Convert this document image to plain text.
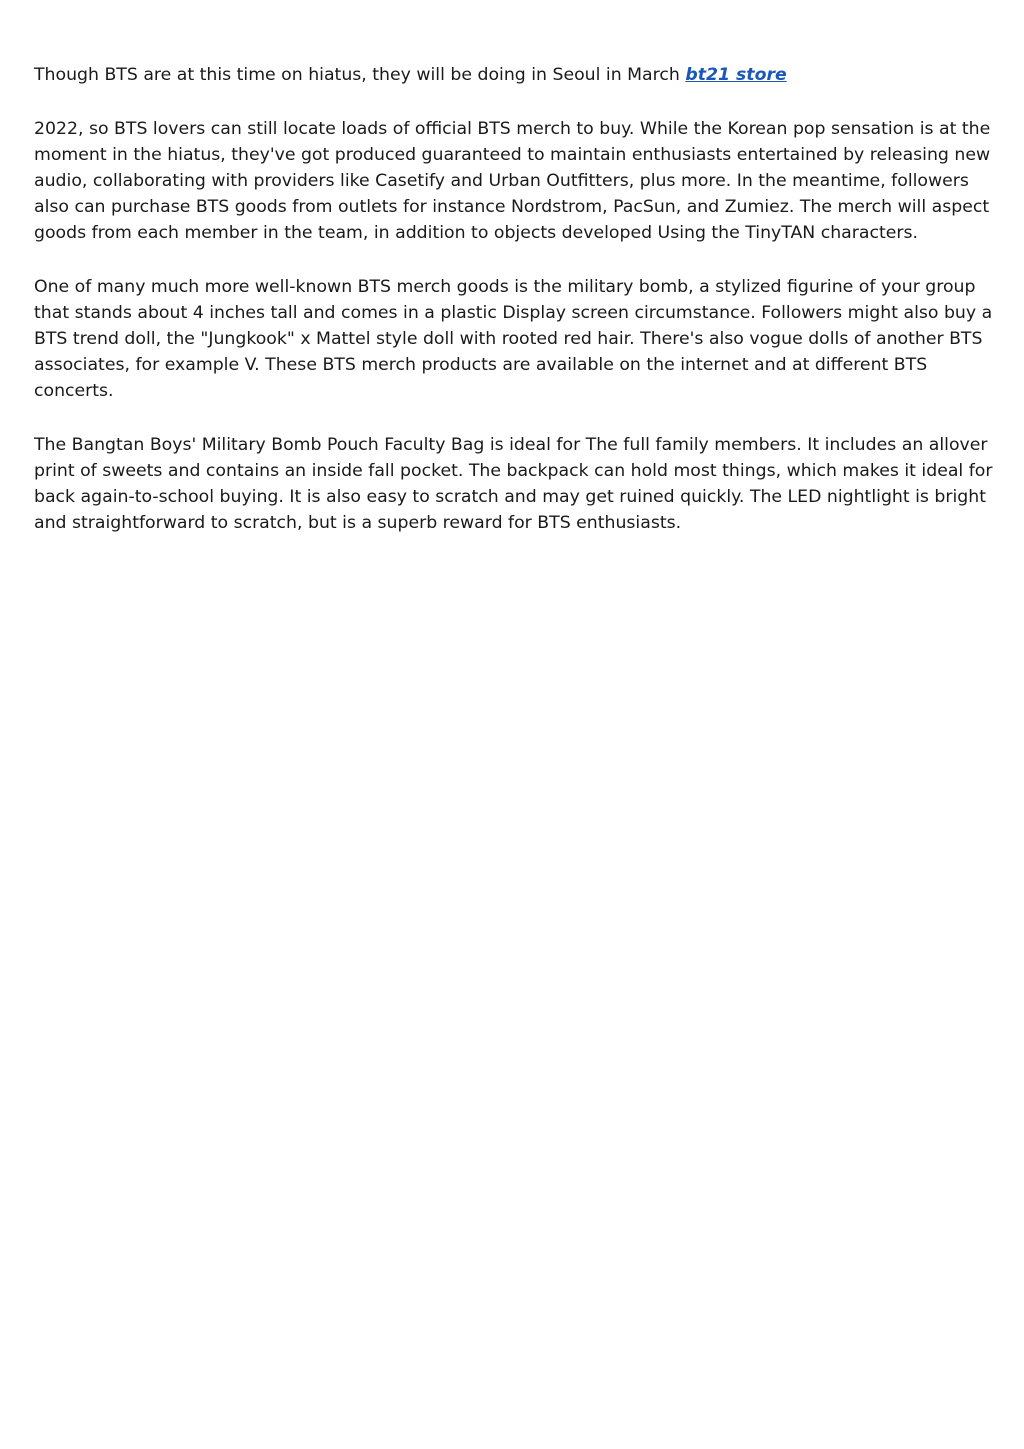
Though BTS are at this time on hiatus, they will be doing in Seoul in March bt21 store

2022, so BTS lovers can still locate loads of official BTS merch to buy. While the Korean pop sensation is at the moment in the hiatus, they've got produced guaranteed to maintain enthusiasts entertained by releasing new audio, collaborating with providers like Casetify and Urban Outfitters, plus more. In the meantime, followers also can purchase BTS goods from outlets for instance Nordstrom, PacSun, and Zumiez. The merch will aspect goods from each member in the team, in addition to objects developed Using the TinyTAN characters.

One of many much more well-known BTS merch goods is the military bomb, a stylized figurine of your group that stands about 4 inches tall and comes in a plastic Display screen circumstance. Followers might also buy a BTS trend doll, the "Jungkook" x Mattel style doll with rooted red hair. There's also vogue dolls of another BTS associates, for example V. These BTS merch products are available on the internet and at different BTS concerts.

The Bangtan Boys' Military Bomb Pouch Faculty Bag is ideal for The full family members. It includes an allover print of sweets and contains an inside fall pocket. The backpack can hold most things, which makes it ideal for back again-to-school buying. It is also easy to scratch and may get ruined quickly. The LED nightlight is bright and straightforward to scratch, but is a superb reward for BTS enthusiasts.
